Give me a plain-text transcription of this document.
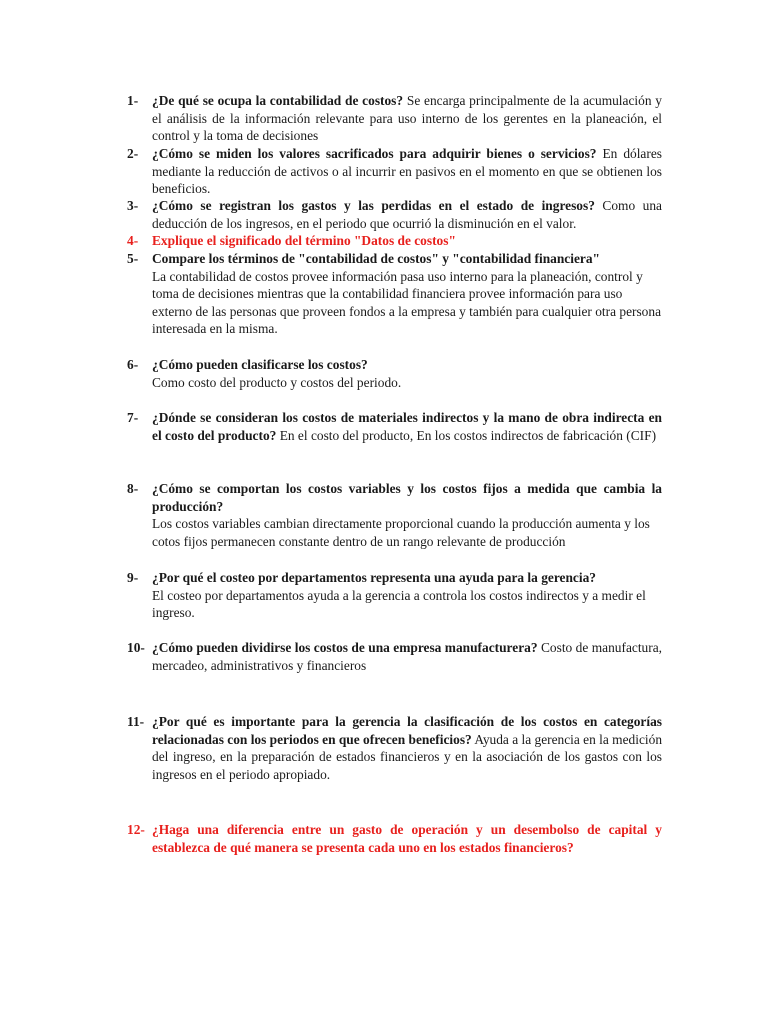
1- ¿De qué se ocupa la contabilidad de costos? Se encarga principalmente de la acumulación y el análisis de la información relevante para uso interno de los gerentes en la planeación, el control y la toma de decisiones
2- ¿Cómo se miden los valores sacrificados para adquirir bienes o servicios? En dólares mediante la reducción de activos o al incurrir en pasivos en el momento en que se obtienen los beneficios.
3- ¿Cómo se registran los gastos y las perdidas en el estado de ingresos? Como una deducción de los ingresos, en el periodo que ocurrió la disminución en el valor.
4- Explique el significado del término "Datos de costos"
5- Compare los términos de "contabilidad de costos" y "contabilidad financiera"
La contabilidad de costos provee información pasa uso interno para la planeación, control y toma de decisiones mientras que la contabilidad financiera provee información para uso externo de las personas que proveen fondos a la empresa y también para cualquier otra persona interesada en la misma.
6- ¿Cómo pueden clasificarse los costos?
Como costo del producto y costos del periodo.
7- ¿Dónde se consideran los costos de materiales indirectos y la mano de obra indirecta en el costo del producto? En el costo del producto, En los costos indirectos de fabricación (CIF)
8- ¿Cómo se comportan los costos variables y los costos fijos a medida que cambia la producción?
Los costos variables cambian directamente proporcional cuando la producción aumenta y los cotos fijos permanecen constante dentro de un rango relevante de producción
9- ¿Por qué el costeo por departamentos representa una ayuda para la gerencia?
El costeo por departamentos ayuda a la gerencia a controla los costos indirectos y a medir el ingreso.
10- ¿Cómo pueden dividirse los costos de una empresa manufacturera? Costo de manufactura, mercadeo, administrativos y financieros
11- ¿Por qué es importante para la gerencia la clasificación de los costos en categorías relacionadas con los periodos en que ofrecen beneficios? Ayuda a la gerencia en la medición del ingreso, en la preparación de estados financieros y en la asociación de los gastos con los ingresos en el periodo apropiado.
12- ¿Haga una diferencia entre un gasto de operación y un desembolso de capital y establezca de qué manera se presenta cada uno en los estados financieros?
